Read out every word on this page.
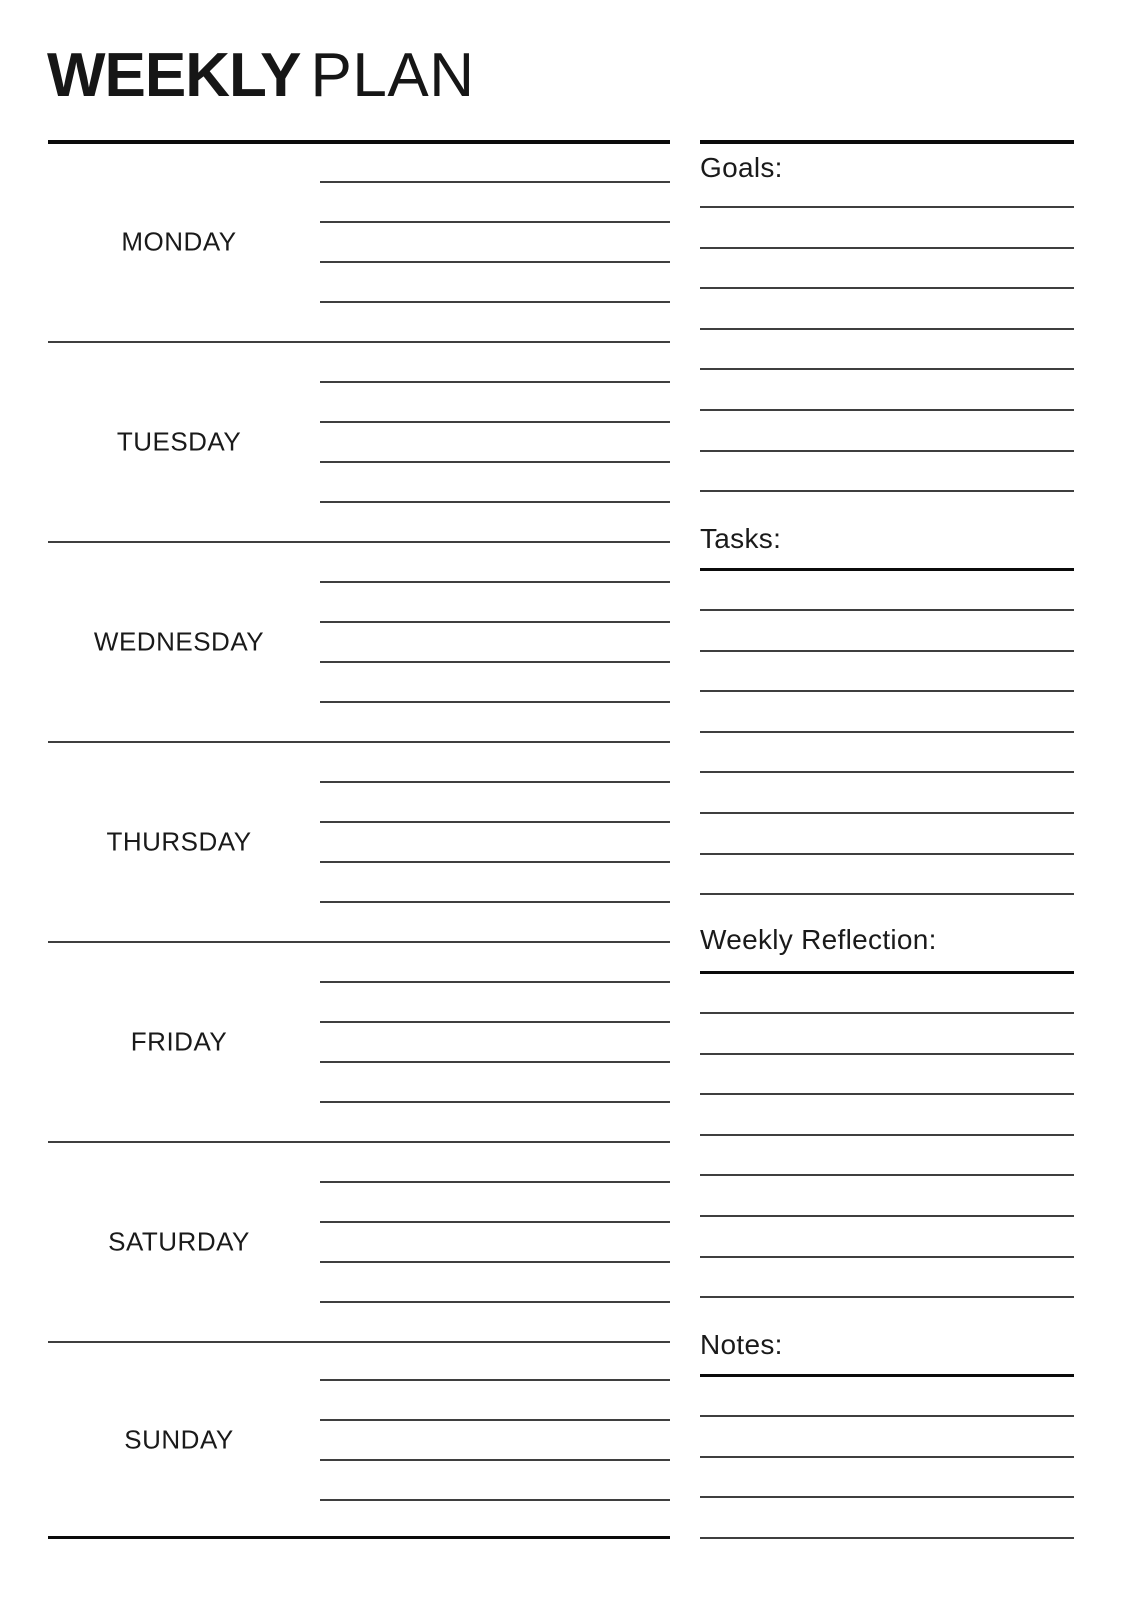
WEEKLY PLAN
MONDAY
TUESDAY
WEDNESDAY
THURSDAY
FRIDAY
SATURDAY
SUNDAY
Goals:
Tasks:
Weekly Reflection:
Notes:
